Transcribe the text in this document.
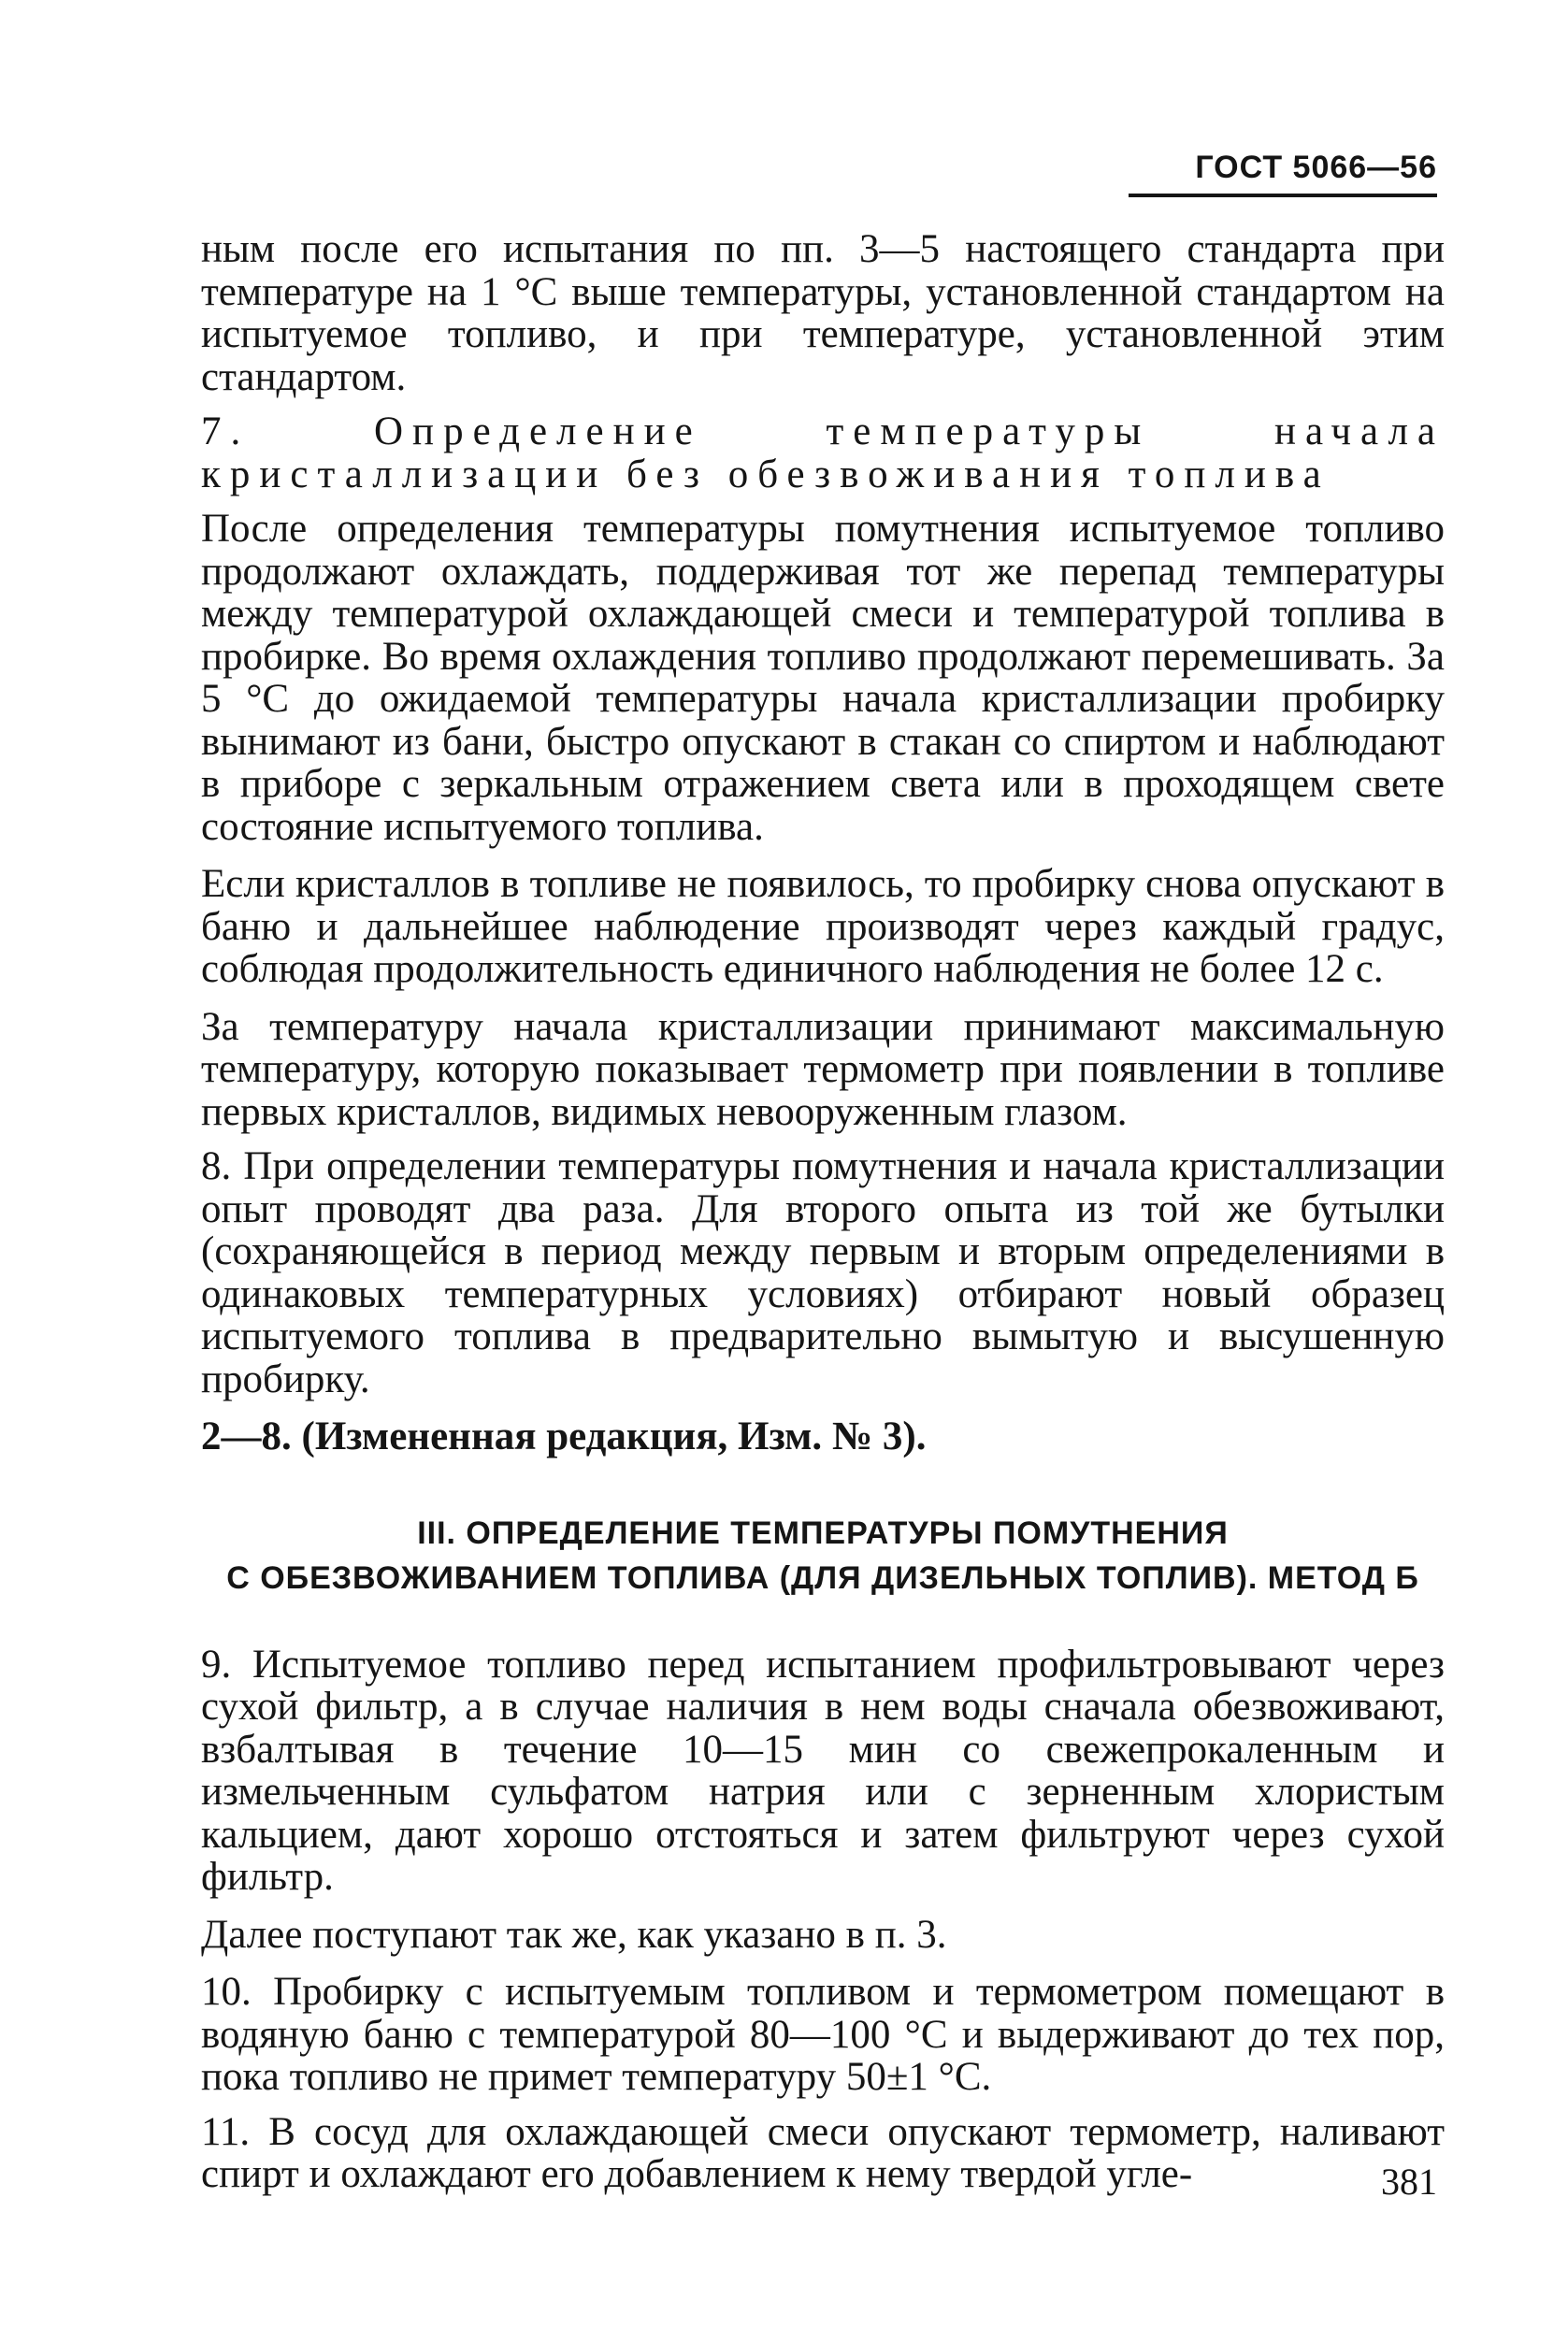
ГОСТ 5066—56

ным после его испытания по пп. 3—5 настоящего стандарта при температуре на 1 °С выше температуры, установленной стандартом на испытуемое топливо, и при температуре, установленной этим стандартом.

7. Определение температуры начала кристаллизации без обезвоживания топлива

После определения температуры помутнения испытуемое топливо продолжают охлаждать, поддерживая тот же перепад температуры между температурой охлаждающей смеси и температурой топлива в пробирке. Во время охлаждения топливо продолжают перемешивать. За 5 °С до ожидаемой температуры начала кристаллизации пробирку вынимают из бани, быстро опускают в стакан со спиртом и наблюдают в приборе с зеркальным отражением света или в проходящем свете состояние испытуемого топлива.

Если кристаллов в топливе не появилось, то пробирку снова опускают в баню и дальнейшее наблюдение производят через каждый градус, соблюдая продолжительность единичного наблюдения не более 12 с.

За температуру начала кристаллизации принимают максимальную температуру, которую показывает термометр при появлении в топливе первых кристаллов, видимых невооруженным глазом.

8. При определении температуры помутнения и начала кристаллизации опыт проводят два раза. Для второго опыта из той же бутылки (сохраняющейся в период между первым и вторым определениями в одинаковых температурных условиях) отбирают новый образец испытуемого топлива в предварительно вымытую и высушенную пробирку.

2—8. (Измененная редакция, Изм. № 3).

III. ОПРЕДЕЛЕНИЕ ТЕМПЕРАТУРЫ ПОМУТНЕНИЯ
С ОБЕЗВОЖИВАНИЕМ ТОПЛИВА (ДЛЯ ДИЗЕЛЬНЫХ ТОПЛИВ). МЕТОД Б

9. Испытуемое топливо перед испытанием профильтровывают через сухой фильтр, а в случае наличия в нем воды сначала обезвоживают, взбалтывая в течение 10—15 мин со свежепрокаленным и измельченным сульфатом натрия или с зерненным хлористым кальцием, дают хорошо отстояться и затем фильтруют через сухой фильтр.

Далее поступают так же, как указано в п. 3.

10. Пробирку с испытуемым топливом и термометром помещают в водяную баню с температурой 80—100 °С и выдерживают до тех пор, пока топливо не примет температуру 50±1 °С.

11. В сосуд для охлаждающей смеси опускают термометр, наливают спирт и охлаждают его добавлением к нему твердой угле-	381
